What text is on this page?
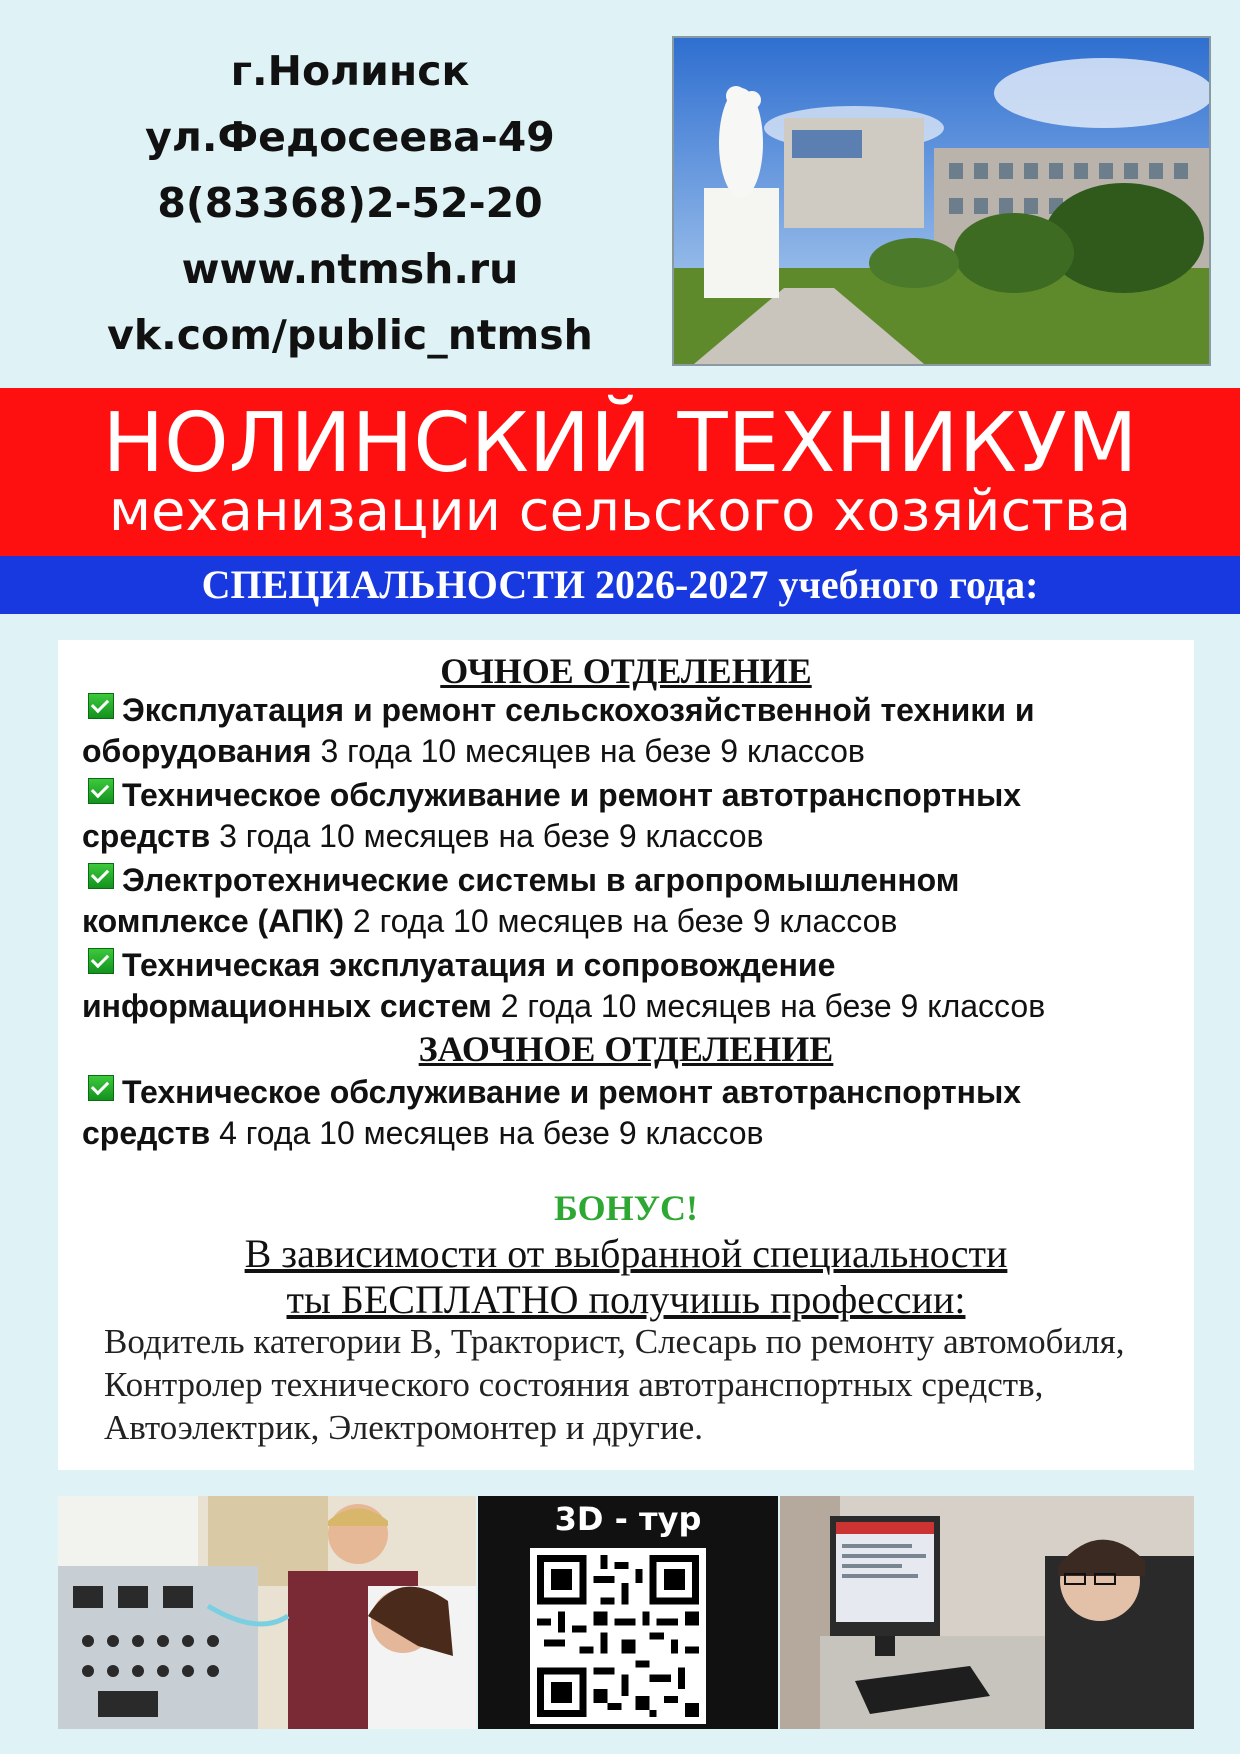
г.Нолинск
ул.Федосеева-49
8(83368)2-52-20
www.ntmsh.ru
vk.com/public_ntmsh
НОЛИНСКИЙ ТЕХНИКУМ
механизации сельского хозяйства
СПЕЦИАЛЬНОСТИ 2026-2027 учебного года:
ОЧНОЕ ОТДЕЛЕНИЕ
Эксплуатация и ремонт сельскохозяйственной техники и
оборудования 3 года 10 месяцев на безе 9 классов
Техническое обслуживание и ремонт автотранспортных
средств 3 года 10 месяцев на безе 9 классов
Электротехнические системы в агропромышленном
комплексе (АПК) 2 года 10 месяцев на безе 9 классов
Техническая эксплуатация и сопровождение
информационных систем 2 года 10 месяцев на безе 9 классов
ЗАОЧНОЕ ОТДЕЛЕНИЕ
Техническое обслуживание и ремонт автотранспортных
средств 4 года 10 месяцев на безе 9 классов
БОНУС!
В зависимости от выбранной специальности
ты БЕСПЛАТНО получишь профессии:
Водитель категории В, Тракторист, Слесарь по ремонту автомобиля, Контролер технического состояния автотранспортных средств, Автоэлектрик, Электромонтер и другие.
3D - тур
